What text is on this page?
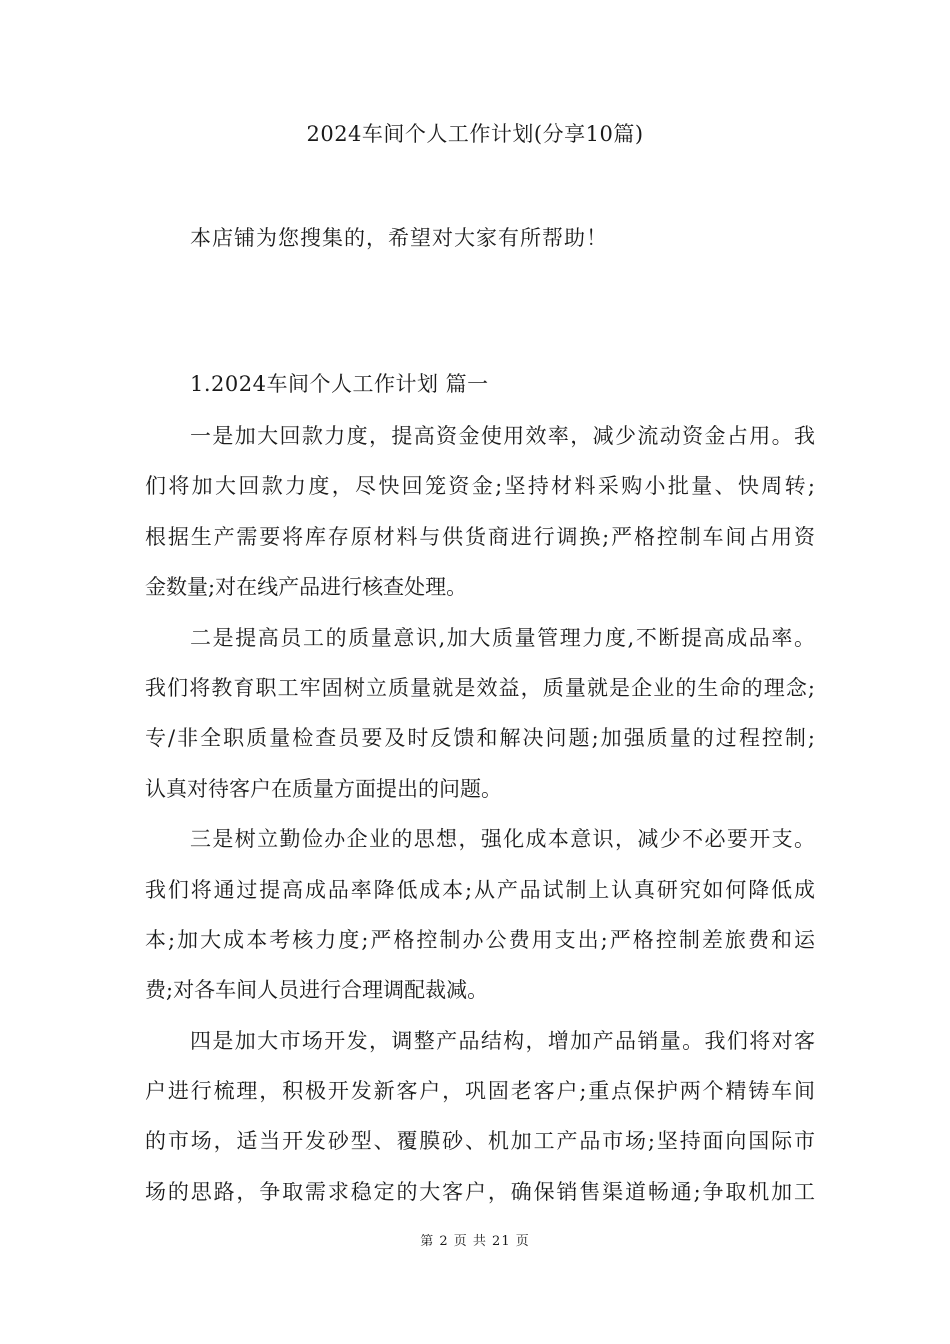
2024车间个人工作计划(分享10篇)
本店铺为您搜集的，希望对大家有所帮助！
1.2024车间个人工作计划 篇一
一是加大回款力度，提高资金使用效率，减少流动资金占用。我
们将加大回款力度，尽快回笼资金;坚持材料采购小批量、快周转;
根据生产需要将库存原材料与供货商进行调换;严格控制车间占用资
金数量;对在线产品进行核查处理。
二是提高员工的质量意识,加大质量管理力度,不断提高成品率。
我们将教育职工牢固树立质量就是效益，质量就是企业的生命的理念;
专/非全职质量检查员要及时反馈和解决问题;加强质量的过程控制;
认真对待客户在质量方面提出的问题。
三是树立勤俭办企业的思想，强化成本意识，减少不必要开支。
我们将通过提高成品率降低成本;从产品试制上认真研究如何降低成
本;加大成本考核力度;严格控制办公费用支出;严格控制差旅费和运
费;对各车间人员进行合理调配裁减。
四是加大市场开发，调整产品结构，增加产品销量。我们将对客
户进行梳理，积极开发新客户，巩固老客户;重点保护两个精铸车间
的市场，适当开发砂型、覆膜砂、机加工产品市场;坚持面向国际市
场的思路，争取需求稳定的大客户，确保销售渠道畅通;争取机加工
第 2 页 共 21 页
